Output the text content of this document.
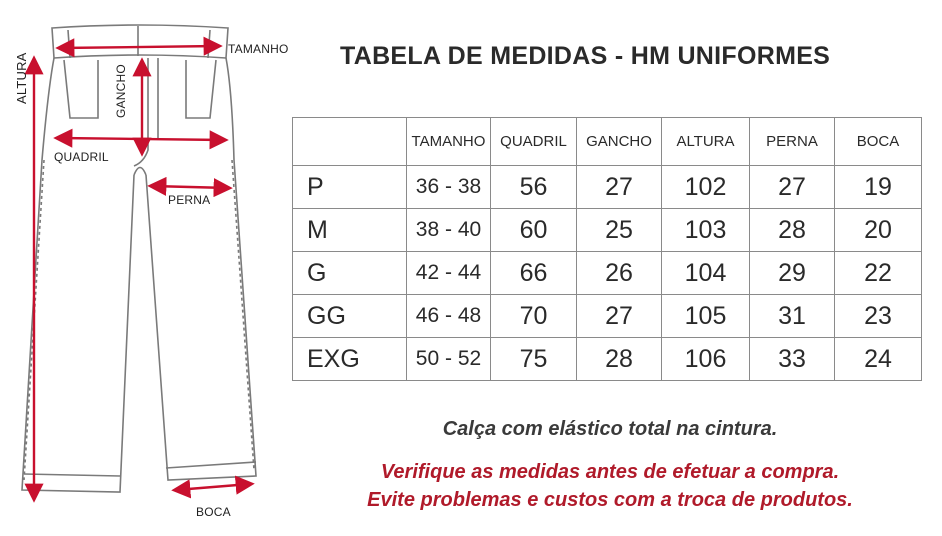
TAMANHO
ALTURA	GANCHO
QUADRIL
PERNA
BOCA
TABELA DE MEDIDAS - HM UNIFORMES
	TAMANHO	QUADRIL	GANCHO	ALTURA	PERNA	BOCA
P	36 - 38	56	27	102	27	19
M	38 - 40	60	25	103	28	20
G	42 - 44	66	26	104	29	22
GG	46 - 48	70	27	105	31	23
EXG	50 - 52	75	28	106	33	24
Calça com elástico total na cintura.
Verifique as medidas antes de efetuar a compra.
Evite problemas e custos com a troca de produtos.
